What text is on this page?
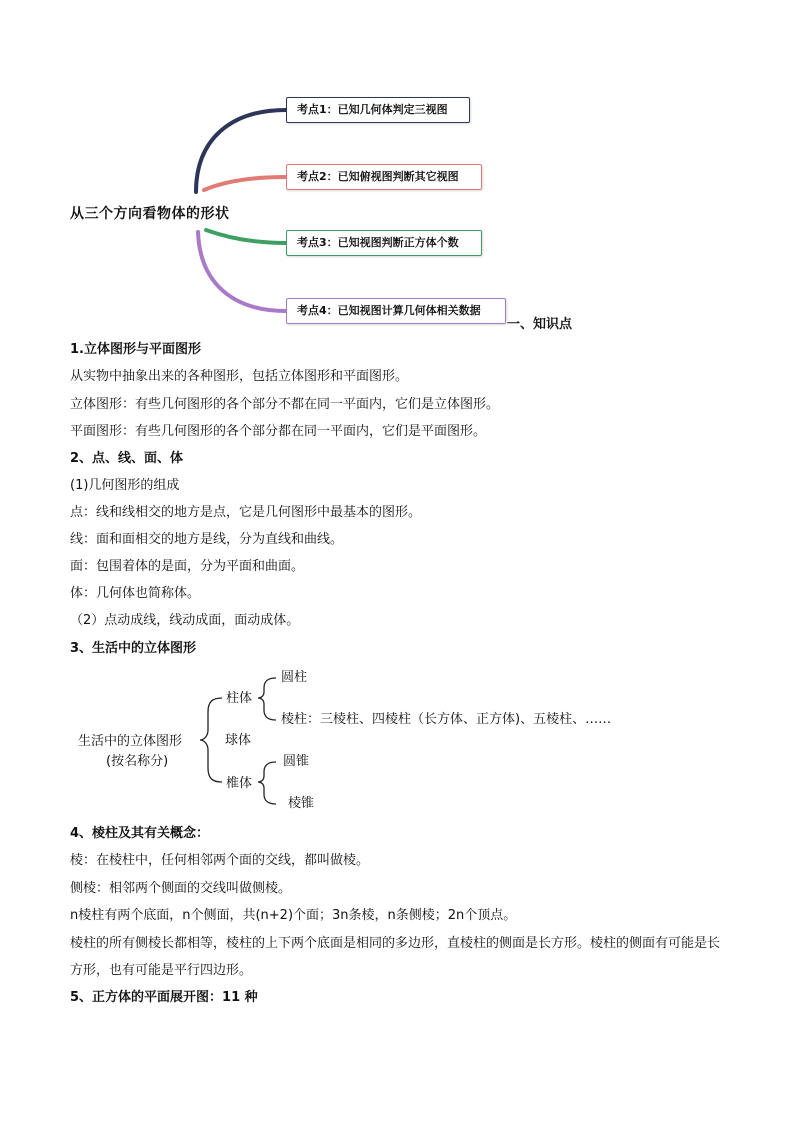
从三个方向看物体的形状
考点1：已知几何体判定三视图
考点2：已知俯视图判断其它视图
考点3：已知视图判断正方体个数
考点4：已知视图计算几何体相关数据
一、知识点
1.立体图形与平面图形
从实物中抽象出来的各种图形，包括立体图形和平面图形。
立体图形：有些几何图形的各个部分不都在同一平面内，它们是立体图形。
平面图形：有些几何图形的各个部分都在同一平面内，它们是平面图形。
2、点、线、面、体
(1)几何图形的组成
点：线和线相交的地方是点，它是几何图形中最基本的图形。
线：面和面相交的地方是线，分为直线和曲线。
面：包围着体的是面，分为平面和曲面。
体：几何体也简称体。
（2）点动成线，线动成面，面动成体。
3、生活中的立体图形
生活中的立体图形
(按名称分)
柱体
圆柱
棱柱：三棱柱、四棱柱（长方体、正方体)、五棱柱、……
球体
椎体
圆锥
棱锥
4、棱柱及其有关概念：
棱：在棱柱中，任何相邻两个面的交线，都叫做棱。
侧棱：相邻两个侧面的交线叫做侧棱。
n棱柱有两个底面，n个侧面，共(n+2)个面；3n条棱，n条侧棱；2n个顶点。
棱柱的所有侧棱长都相等，棱柱的上下两个底面是相同的多边形，直棱柱的侧面是长方形。棱柱的侧面有可能是长方形，也有可能是平行四边形。
5、正方体的平面展开图：11 种
